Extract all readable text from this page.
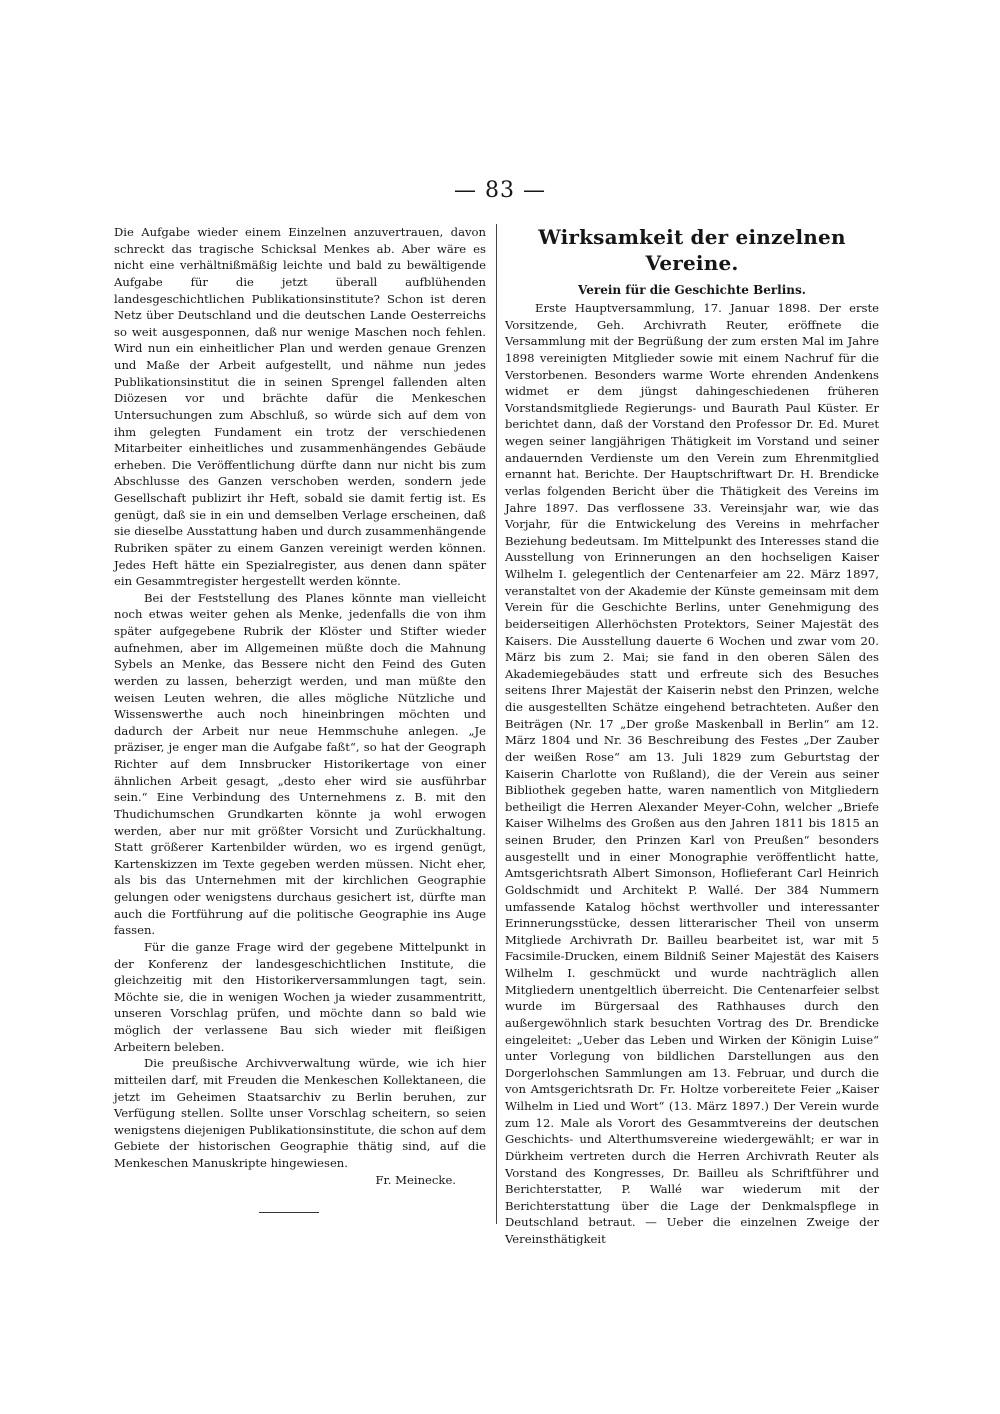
— 83 —

Die Aufgabe wieder einem Einzelnen anzuvertrauen, davon schreckt das tragische Schicksal Menkes ab. Aber wäre es nicht eine verhältnißmäßig leichte und bald zu bewältigende Aufgabe für die jetzt überall aufblühenden landesgeschichtlichen Publikationsinstitute? Schon ist deren Netz über Deutschland und die deutschen Lande Oesterreichs so weit ausgesponnen, daß nur wenige Maschen noch fehlen. Wird nun ein einheitlicher Plan und werden genaue Grenzen und Maße der Arbeit aufgestellt, und nähme nun jedes Publikationsinstitut die in seinen Sprengel fallenden alten Diözesen vor und brächte dafür die Menkeschen Untersuchungen zum Abschluß, so würde sich auf dem von ihm gelegten Fundament ein trotz der verschiedenen Mitarbeiter einheitliches und zusammenhängendes Gebäude erheben. Die Veröffentlichung dürfte dann nur nicht bis zum Abschlusse des Ganzen verschoben werden, sondern jede Gesellschaft publizirt ihr Heft, sobald sie damit fertig ist. Es genügt, daß sie in ein und demselben Verlage erscheinen, daß sie dieselbe Ausstattung haben und durch zusammenhängende Rubriken später zu einem Ganzen vereinigt werden können. Jedes Heft hätte ein Spezialregister, aus denen dann später ein Gesammtregister hergestellt werden könnte.

Bei der Feststellung des Planes könnte man vielleicht noch etwas weiter gehen als Menke, jedenfalls die von ihm später aufgegebene Rubrik der Klöster und Stifter wieder aufnehmen, aber im Allgemeinen müßte doch die Mahnung Sybels an Menke, das Bessere nicht den Feind des Guten werden zu lassen, beherzigt werden, und man müßte den weisen Leuten wehren, die alles mögliche Nützliche und Wissenswerthe auch noch hineinbringen möchten und dadurch der Arbeit nur neue Hemmschuhe anlegen. „Je präziser, je enger man die Aufgabe faßt“, so hat der Geograph Richter auf dem Innsbrucker Historikertage von einer ähnlichen Arbeit gesagt, „desto eher wird sie ausführbar sein.“ Eine Verbindung des Unternehmens z. B. mit den Thudichumschen Grundkarten könnte ja wohl erwogen werden, aber nur mit größter Vorsicht und Zurückhaltung. Statt größerer Kartenbilder würden, wo es irgend genügt, Kartenskizzen im Texte gegeben werden müssen. Nicht eher, als bis das Unternehmen mit der kirchlichen Geographie gelungen oder wenigstens durchaus gesichert ist, dürfte man auch die Fortführung auf die politische Geographie ins Auge fassen.

Für die ganze Frage wird der gegebene Mittelpunkt in der Konferenz der landesgeschichtlichen Institute, die gleichzeitig mit den Historikerversammlungen tagt, sein. Möchte sie, die in wenigen Wochen ja wieder zusammentritt, unseren Vorschlag prüfen, und möchte dann so bald wie möglich der verlassene Bau sich wieder mit fleißigen Arbeitern beleben.

Die preußische Archivverwaltung würde, wie ich hier mitteilen darf, mit Freuden die Menkeschen Kollektaneen, die jetzt im Geheimen Staatsarchiv zu Berlin beruhen, zur Verfügung stellen. Sollte unser Vorschlag scheitern, so seien wenigstens diejenigen Publikationsinstitute, die schon auf dem Gebiete der historischen Geographie thätig sind, auf die Menkeschen Manuskripte hingewiesen.

Fr. Meinecke.

Wirksamkeit der einzelnen Vereine.
Verein für die Geschichte Berlins.

Erste Hauptversammlung, 17. Januar 1898. Der erste Vorsitzende, Geh. Archivrath Reuter, eröffnete die Versammlung mit der Begrüßung der zum ersten Mal im Jahre 1898 vereinigten Mitglieder sowie mit einem Nachruf für die Verstorbenen. Besonders warme Worte ehrenden Andenkens widmet er dem jüngst dahingeschiedenen früheren Vorstandsmitgliede Regierungs- und Baurath Paul Küster. Er berichtet dann, daß der Vorstand den Professor Dr. Ed. Muret wegen seiner langjährigen Thätigkeit im Vorstand und seiner andauernden Verdienste um den Verein zum Ehrenmitglied ernannt hat. Berichte. Der Hauptschriftwart Dr. H. Brendicke verlas folgenden Bericht über die Thätigkeit des Vereins im Jahre 1897. Das verflossene 33. Vereinsjahr war, wie das Vorjahr, für die Entwickelung des Vereins in mehrfacher Beziehung bedeutsam. Im Mittelpunkt des Interesses stand die Ausstellung von Erinnerungen an den hochseligen Kaiser Wilhelm I. gelegentlich der Centenarfeier am 22. März 1897, veranstaltet von der Akademie der Künste gemeinsam mit dem Verein für die Geschichte Berlins, unter Genehmigung des beiderseitigen Allerhöchsten Protektors, Seiner Majestät des Kaisers. Die Ausstellung dauerte 6 Wochen und zwar vom 20. März bis zum 2. Mai; sie fand in den oberen Sälen des Akademiegebäudes statt und erfreute sich des Besuches seitens Ihrer Majestät der Kaiserin nebst den Prinzen, welche die ausgestellten Schätze eingehend betrachteten. Außer den Beiträgen (Nr. 17 „Der große Maskenball in Berlin“ am 12. März 1804 und Nr. 36 Beschreibung des Festes „Der Zauber der weißen Rose“ am 13. Juli 1829 zum Geburtstag der Kaiserin Charlotte von Rußland), die der Verein aus seiner Bibliothek gegeben hatte, waren namentlich von Mitgliedern betheiligt die Herren Alexander Meyer-Cohn, welcher „Briefe Kaiser Wilhelms des Großen aus den Jahren 1811 bis 1815 an seinen Bruder, den Prinzen Karl von Preußen“ besonders ausgestellt und in einer Monographie veröffentlicht hatte, Amtsgerichtsrath Albert Simonson, Hoflieferant Carl Heinrich Goldschmidt und Architekt P. Wallé. Der 384 Nummern umfassende Katalog höchst werthvoller und interessanter Erinnerungsstücke, dessen litterarischer Theil von unserm Mitgliede Archivrath Dr. Bailleu bearbeitet ist, war mit 5 Facsimile-Drucken, einem Bildniß Seiner Majestät des Kaisers Wilhelm I. geschmückt und wurde nachträglich allen Mitgliedern unentgeltlich überreicht. Die Centenarfeier selbst wurde im Bürgersaal des Rathhauses durch den außergewöhnlich stark besuchten Vortrag des Dr. Brendicke eingeleitet: „Ueber das Leben und Wirken der Königin Luise“ unter Vorlegung von bildlichen Darstellungen aus den Dorgerlohschen Sammlungen am 13. Februar, und durch die von Amtsgerichtsrath Dr. Fr. Holtze vorbereitete Feier „Kaiser Wilhelm in Lied und Wort“ (13. März 1897.) Der Verein wurde zum 12. Male als Vorort des Gesammtvereins der deutschen Geschichts- und Alterthumsvereine wiedergewählt; er war in Dürkheim vertreten durch die Herren Archivrath Reuter als Vorstand des Kongresses, Dr. Bailleu als Schriftführer und Berichterstatter, P. Wallé war wiederum mit der Berichterstattung über die Lage der Denkmalspflege in Deutschland betraut. — Ueber die einzelnen Zweige der Vereinsthätigkeit
